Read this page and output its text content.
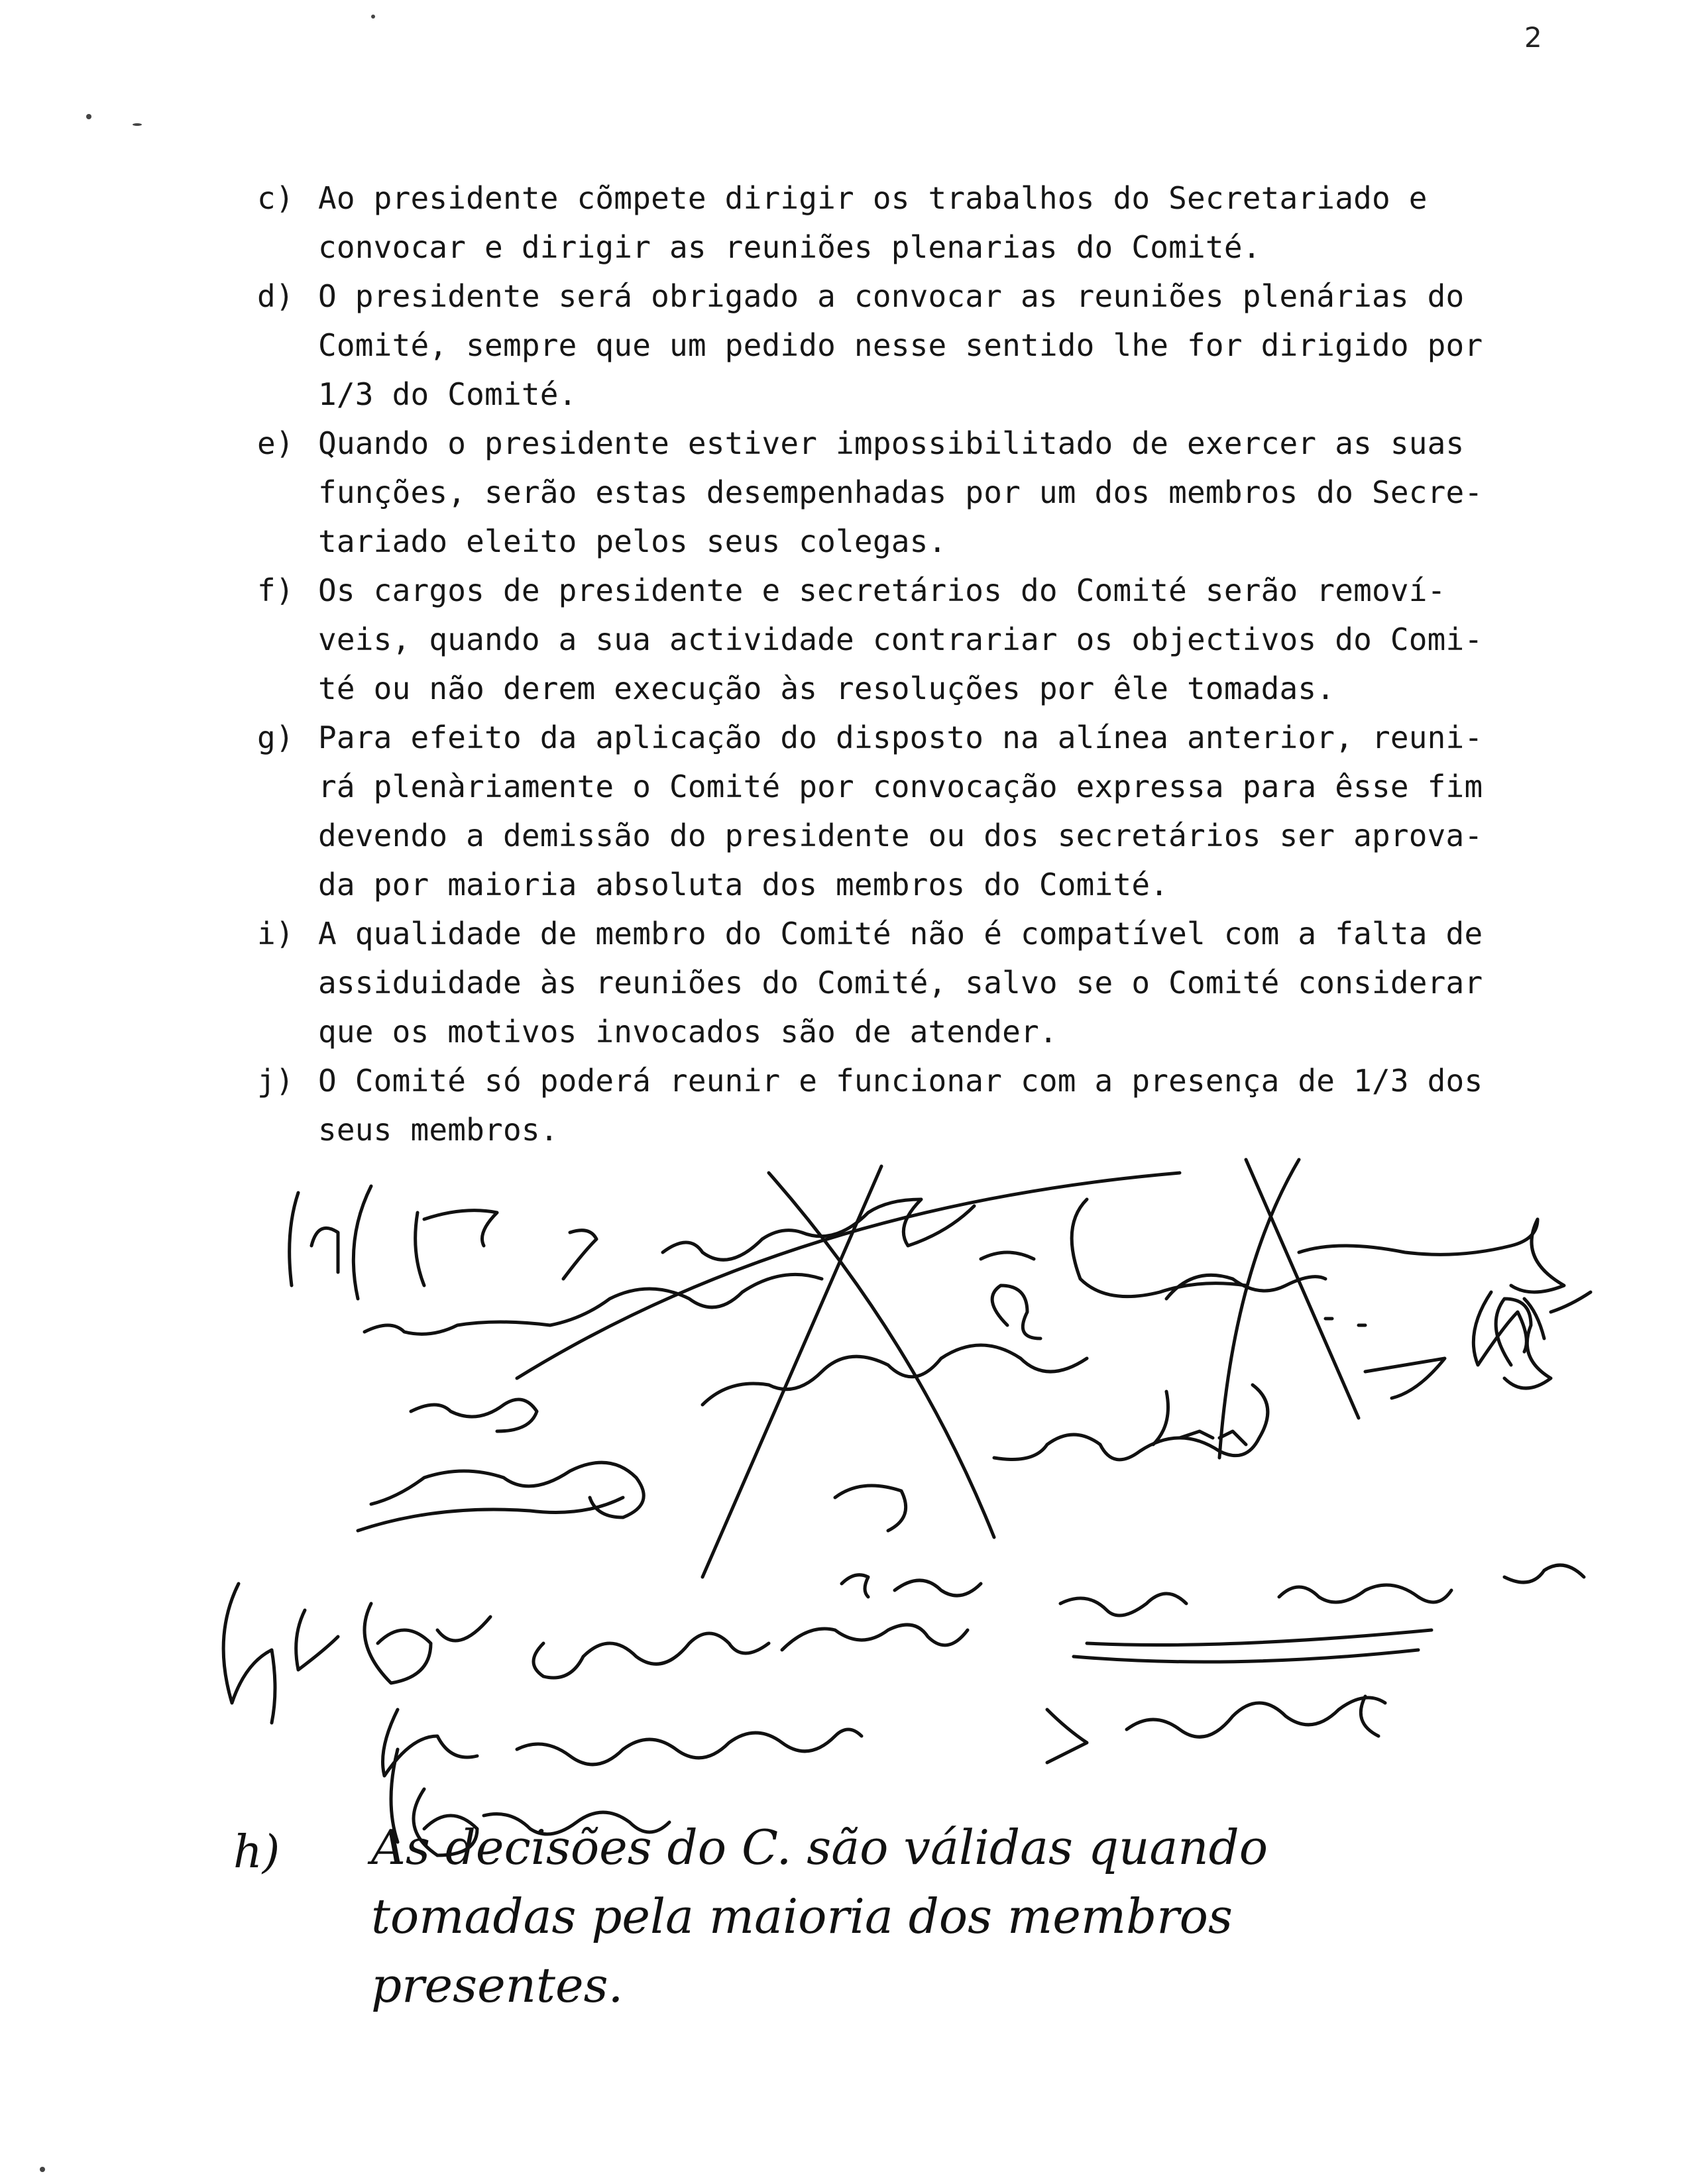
2
c) Ao presidente cõmpete dirigir os trabalhos do Secretariado e
convocar e dirigir as reuniões plenarias do Comité.
d) O presidente será obrigado a convocar as reuniões plenárias do
Comité, sempre que um pedido nesse sentido lhe for dirigido por
1/3 do Comité.
e) Quando o presidente estiver impossibilitado de exercer as suas
funções, serão estas desempenhadas por um dos membros do Secre-
tariado eleito pelos seus colegas.
f) Os cargos de presidente e secretários do Comité serão removí-
veis, quando a sua actividade contrariar os objectivos do Comi-
té ou não derem execução às resoluções por êle tomadas.
g) Para efeito da aplicação do disposto na alínea anterior, reuni-
rá plenàriamente o Comité por convocação expressa para êsse fim
devendo a demissão do presidente ou dos secretários ser aprova-
da por maioria absoluta dos membros do Comité.
i) A qualidade de membro do Comité não é compatível com a falta de
assiduidade às reuniões do Comité, salvo se o Comité considerar
que os motivos invocados são de atender.
j) O Comité só poderá reunir e funcionar com a presença de 1/3 dos
seus membros.
h) As decisões do C. são válidas quando
tomadas pela maioria dos membros
presentes.
